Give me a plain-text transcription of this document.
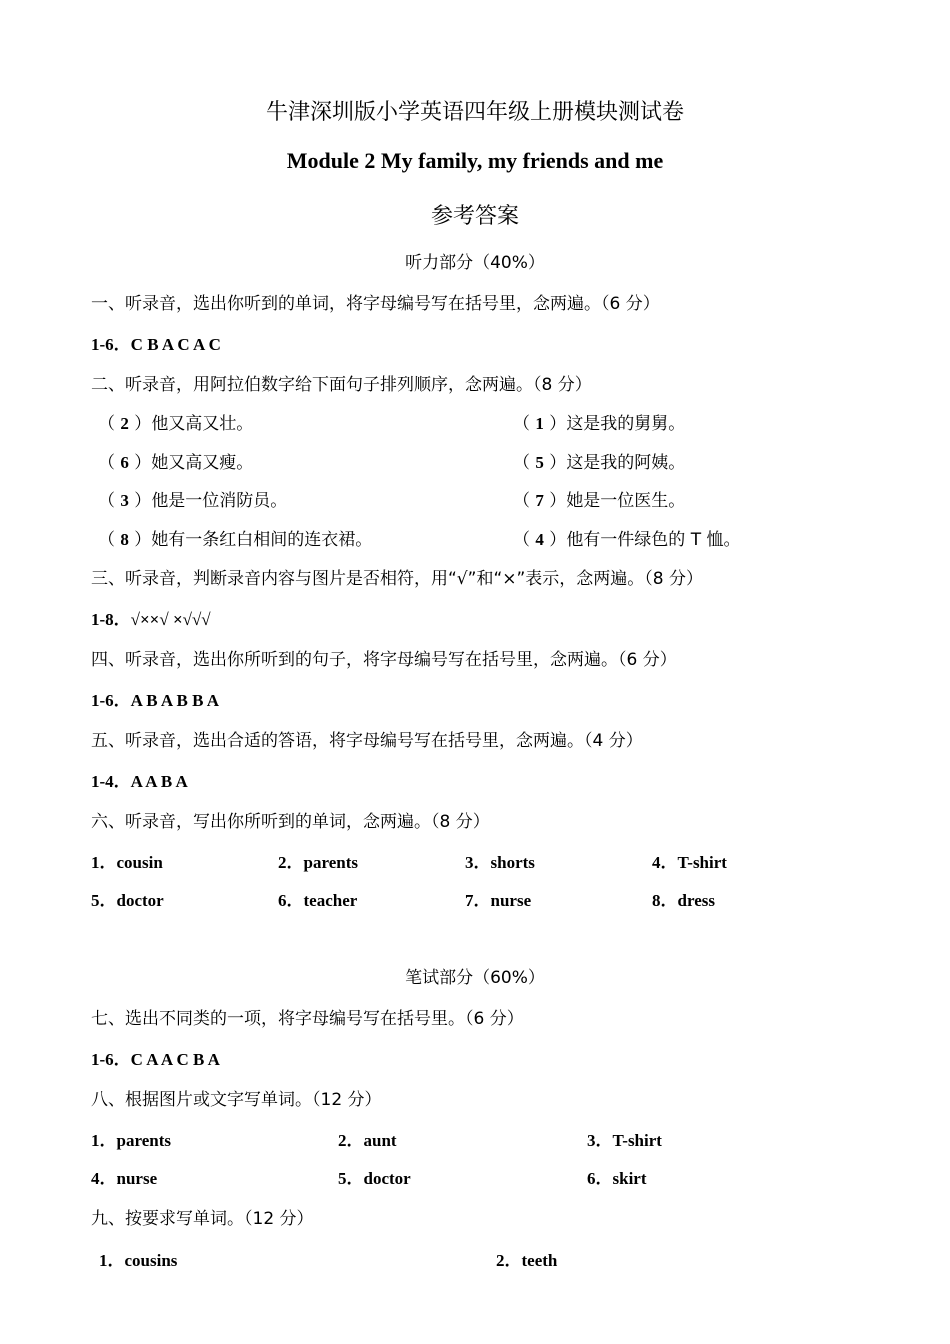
牛津深圳版小学英语四年级上册模块测试卷
Module 2 My family, my friends and me
参考答案
听力部分（40%）
一、听录音，选出你听到的单词，将字母编号写在括号里，念两遍。（6 分）
1-6．C B A C A C
二、听录音，用阿拉伯数字给下面句子排列顺序，念两遍。（8 分）
（ 2 ）他又高又壮。	（ 1 ）这是我的舅舅。
（ 6 ）她又高又瘦。	（ 5 ）这是我的阿姨。
（ 3 ）他是一位消防员。	（ 7 ）她是一位医生。
（ 8 ）她有一条红白相间的连衣裙。	（ 4 ）他有一件绿色的 T 恤。
三、听录音，判断录音内容与图片是否相符，用“√”和“×”表示，念两遍。（8 分）
1-8．√××√ ×√√√
四、听录音，选出你所听到的句子，将字母编号写在括号里，念两遍。（6 分）
1-6．A B A B B A
五、听录音，选出合适的答语，将字母编号写在括号里，念两遍。（4 分）
1-4．A A B A
六、听录音，写出你所听到的单词，念两遍。（8 分）
1．cousin	2．parents	3．shorts	4．T-shirt
5．doctor	6．teacher	7．nurse	8．dress
笔试部分（60%）
七、选出不同类的一项，将字母编号写在括号里。（6 分）
1-6．C A A C B A
八、根据图片或文字写单词。（12 分）
1．parents	2．aunt	3．T-shirt
4．nurse	5．doctor	6．skirt
九、按要求写单词。（12 分）
1．cousins	2．teeth
